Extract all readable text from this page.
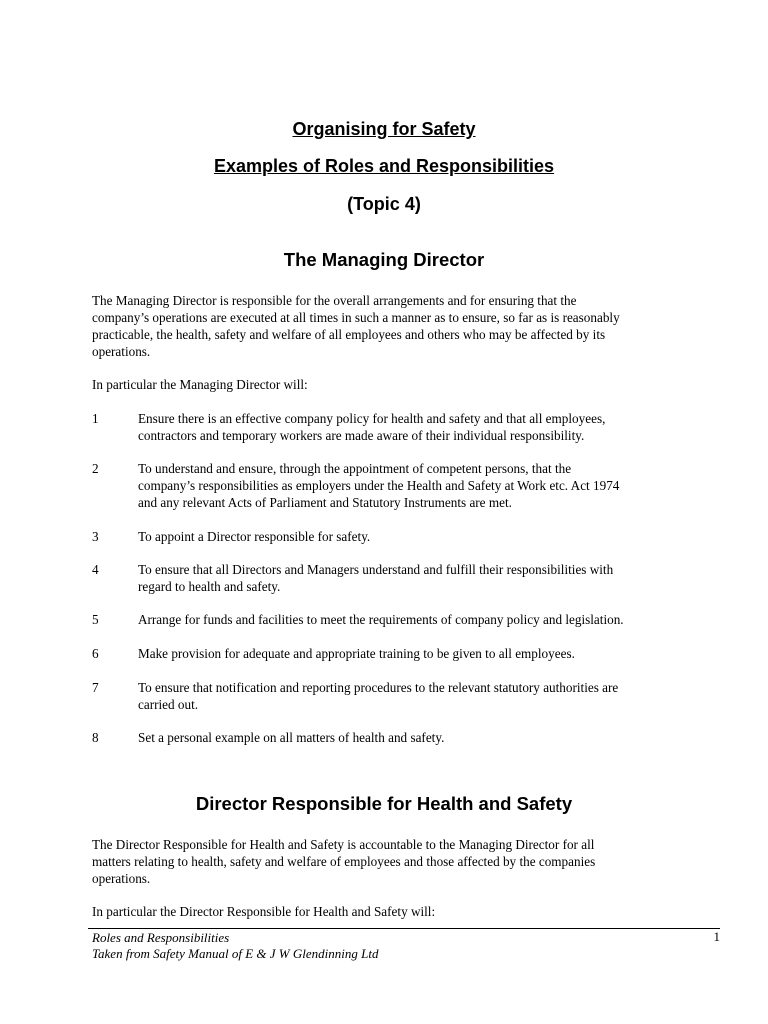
Organising for Safety
Examples of Roles and Responsibilities
(Topic 4)
The Managing Director
The Managing Director is responsible for the overall arrangements and for ensuring that the
company’s operations are executed at all times in such a manner as to ensure, so far as is reasonably
practicable, the health, safety and welfare of all employees and others who may be affected by its
operations.
In particular the Managing Director will:
1	Ensure there is an effective company policy for health and safety and that all employees,
contractors and temporary workers are made aware of their individual responsibility.
2	To understand and ensure, through the appointment of competent persons, that the
company’s responsibilities as employers under the Health and Safety at Work etc. Act 1974
and any relevant Acts of Parliament and Statutory Instruments are met.
3	To appoint a Director responsible for safety.
4	To ensure that all Directors and Managers understand and fulfill their responsibilities with
regard to health and safety.
5	Arrange for funds and facilities to meet the requirements of company policy and legislation.
6	Make provision for adequate and appropriate training to be given to all employees.
7	To ensure that notification and reporting procedures to the relevant statutory authorities are
carried out.
8	Set a personal example on all matters of health and safety.
Director Responsible for Health and Safety
The Director Responsible for Health and Safety is accountable to the Managing Director for all
matters relating to health, safety and welfare of employees and those affected by the companies
operations.
In particular the Director Responsible for Health and Safety will:
Roles and Responsibilities
Taken from Safety Manual of E & J W Glendinning Ltd
1
